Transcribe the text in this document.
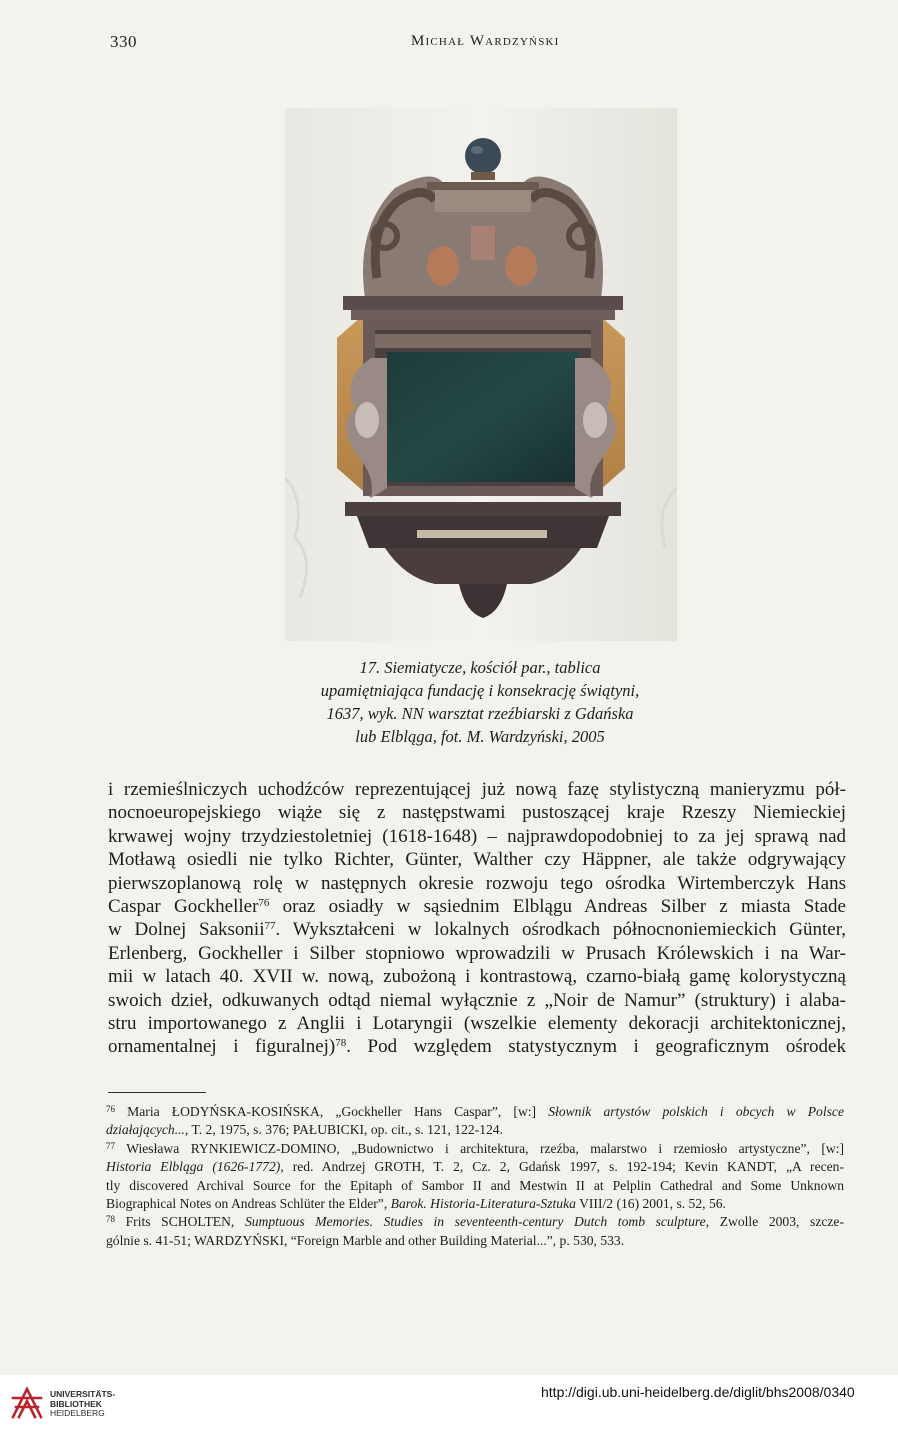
330	Michał Wardzyński
17. Siemiatycze, kościół par., tablica
upamiętniająca fundację i konsekrację świątyni,
1637, wyk. NN warsztat rzeźbiarski z Gdańska
lub Elbląga, fot. M. Wardzyński, 2005
i rzemieślniczych uchodźców reprezentującej już nową fazę stylistyczną manieryzmu pół-
nocnoeuropejskiego wiąże się z następstwami pustoszącej kraje Rzeszy Niemieckiej
krwawej wojny trzydziestoletniej (1618-1648) – najprawdopodobniej to za jej sprawą nad
Motławą osiedli nie tylko Richter, Günter, Walther czy Häppner, ale także odgrywający
pierwszoplanową rolę w następnych okresie rozwoju tego ośrodka Wirtemberczyk Hans
Caspar Gockheller$^{76}$ oraz osiadły w sąsiednim Elblągu Andreas Silber z miasta Stade
w Dolnej Saksonii$^{77}$. Wykształceni w lokalnych ośrodkach północnoniemieckich Günter,
Erlenberg, Gockheller i Silber stopniowo wprowadzili w Prusach Królewskich i na War-
mii w latach 40. XVII w. nową, zubożoną i kontrastową, czarno-białą gamę kolorystyczną
swoich dzieł, odkuwanych odtąd niemal wyłącznie z „Noir de Namur” (struktury) i alaba-
stru importowanego z Anglii i Lotaryngii (wszelkie elementy dekoracji architektonicznej,
ornamentalnej i figuralnej)$^{78}$. Pod względem statystycznym i geograficznym ośrodek
$^{76}$ Maria ŁODYŃSKA-KOSIŃSKA, „Gockheller Hans Caspar”, [w:] Słownik artystów polskich i obcych w Polsce
działających..., T. 2, 1975, s. 376; PAŁUBICKI, op. cit., s. 121, 122-124.
$^{77}$ Wiesława RYNKIEWICZ-DOMINO, „Budownictwo i architektura, rzeźba, malarstwo i rzemiosło artystyczne”, [w:]
Historia Elbląga (1626-1772), red. Andrzej GROTH, T. 2, Cz. 2, Gdańsk 1997, s. 192-194; Kevin KANDT, „A recen-
tly discovered Archival Source for the Epitaph of Sambor II and Mestwin II at Pelplin Cathedral and Some Unknown
Biographical Notes on Andreas Schlüter the Elder”, Barok. Historia-Literatura-Sztuka VIII/2 (16) 2001, s. 52, 56.
$^{78}$ Frits SCHOLTEN, Sumptuous Memories. Studies in seventeenth-century Dutch tomb sculpture, Zwolle 2003, szcze-
gólnie s. 41-51; WARDZYŃSKI, “Foreign Marble and other Building Material...”, p. 530, 533.
UNIVERSITÄTS-
BIBLIOTHEK
HEIDELBERG
http://digi.ub.uni-heidelberg.de/diglit/bhs2008/0340
